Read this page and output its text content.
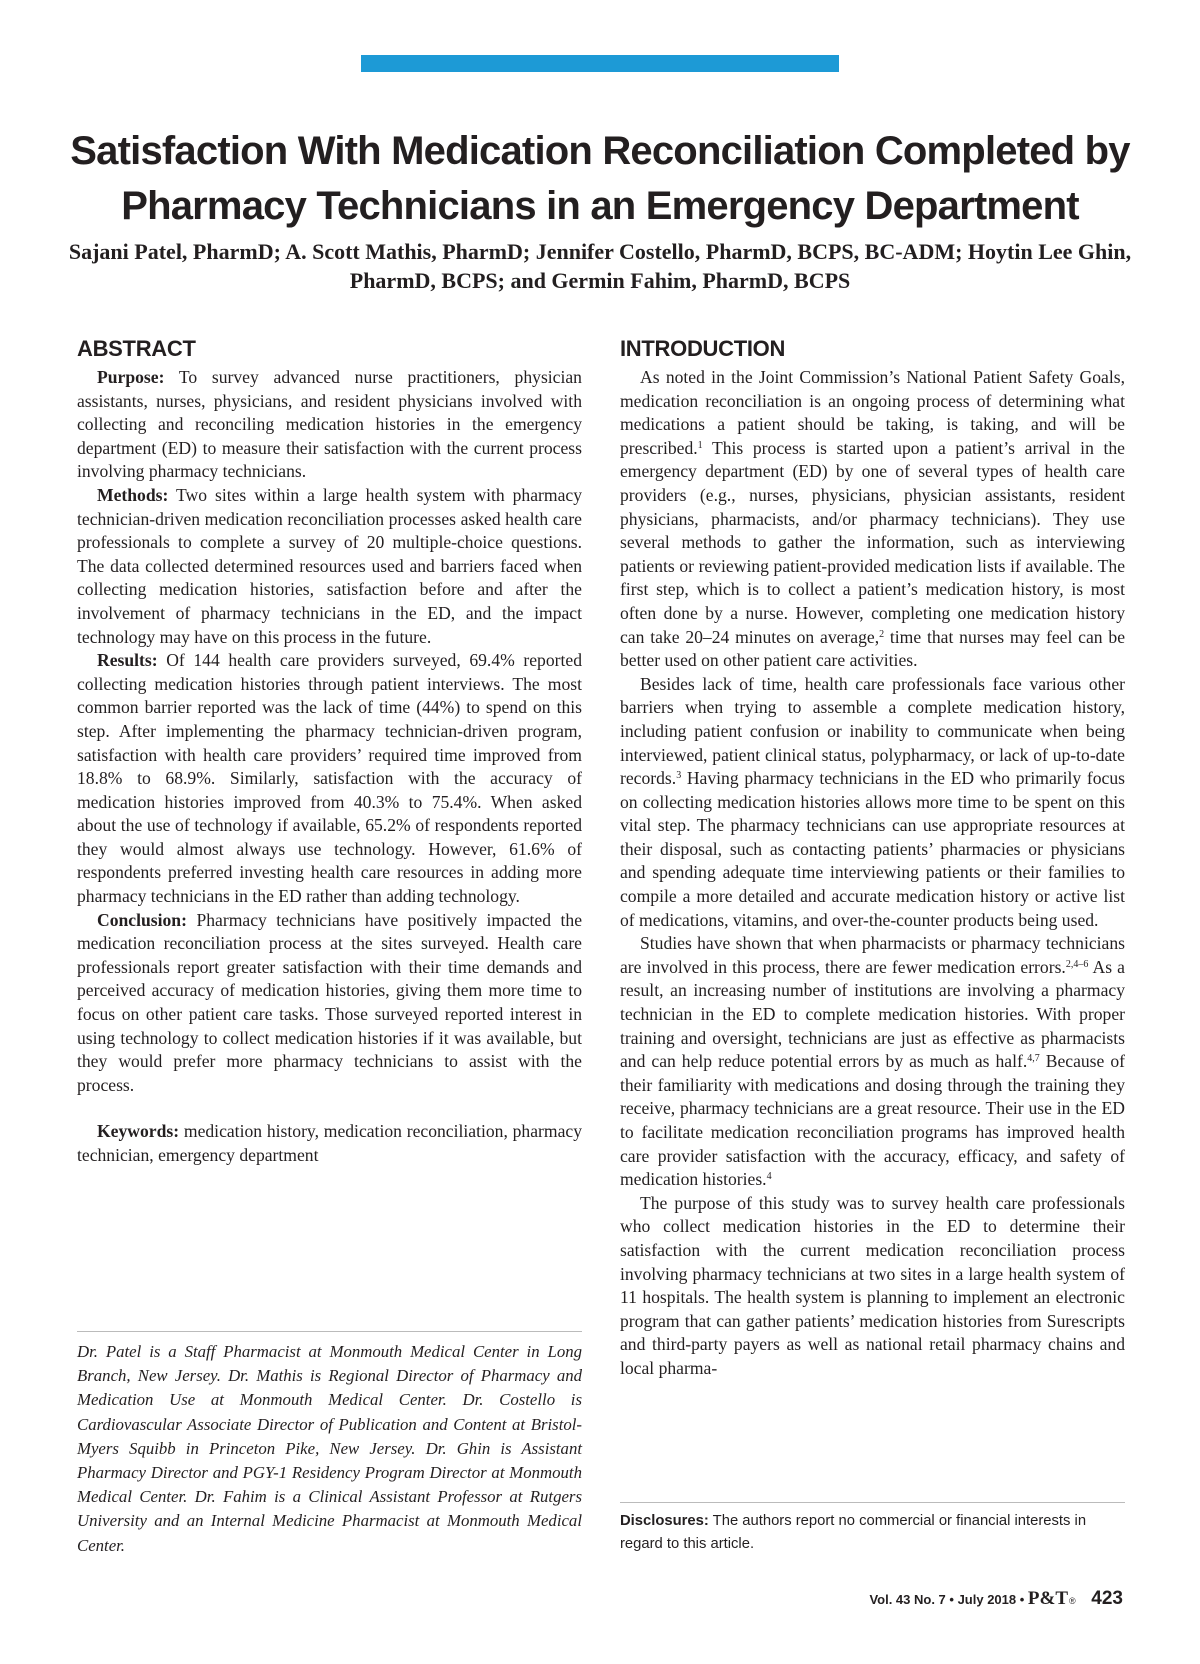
Satisfaction With Medication Reconciliation Completed by Pharmacy Technicians in an Emergency Department

Sajani Patel, PharmD; A. Scott Mathis, PharmD; Jennifer Costello, PharmD, BCPS, BC-ADM; Hoytin Lee Ghin, PharmD, BCPS; and Germin Fahim, PharmD, BCPS

ABSTRACT

Purpose: To survey advanced nurse practitioners, physician assistants, nurses, physicians, and resident physicians involved with collecting and reconciling medication histories in the emergency department (ED) to measure their satisfaction with the current process involving pharmacy technicians.

Methods: Two sites within a large health system with pharmacy technician-driven medication reconciliation processes asked health care professionals to complete a survey of 20 multiple-choice questions. The data collected determined resources used and barriers faced when collecting medication histories, satisfaction before and after the involvement of pharmacy technicians in the ED, and the impact technology may have on this process in the future.

Results: Of 144 health care providers surveyed, 69.4% reported collecting medication histories through patient interviews. The most common barrier reported was the lack of time (44%) to spend on this step. After implementing the pharmacy technician-driven program, satisfaction with health care providers’ required time improved from 18.8% to 68.9%. Similarly, satisfaction with the accuracy of medication histories improved from 40.3% to 75.4%. When asked about the use of technology if available, 65.2% of respondents reported they would almost always use technology. However, 61.6% of respondents preferred investing health care resources in adding more pharmacy technicians in the ED rather than adding technology.

Conclusion: Pharmacy technicians have positively impacted the medication reconciliation process at the sites surveyed. Health care professionals report greater satisfaction with their time demands and perceived accuracy of medication histories, giving them more time to focus on other patient care tasks. Those surveyed reported interest in using technology to collect medication histories if it was available, but they would prefer more pharmacy technicians to assist with the process.

Keywords: medication history, medication reconciliation, pharmacy technician, emergency department

Dr. Patel is a Staff Pharmacist at Monmouth Medical Center in Long Branch, New Jersey. Dr. Mathis is Regional Director of Pharmacy and Medication Use at Monmouth Medical Center. Dr. Costello is Cardiovascular Associate Director of Publication and Content at Bristol-Myers Squibb in Princeton Pike, New Jersey. Dr. Ghin is Assistant Pharmacy Director and PGY-1 Residency Program Director at Monmouth Medical Center. Dr. Fahim is a Clinical Assistant Professor at Rutgers University and an Internal Medicine Pharmacist at Monmouth Medical Center.

INTRODUCTION

As noted in the Joint Commission’s National Patient Safety Goals, medication reconciliation is an ongoing process of determining what medications a patient should be taking, is taking, and will be prescribed.$^1$ This process is started upon a patient’s arrival in the emergency department (ED) by one of several types of health care providers (e.g., nurses, physicians, physician assistants, resident physicians, pharmacists, and/or pharmacy technicians). They use several methods to gather the information, such as interviewing patients or reviewing patient-provided medication lists if available. The first step, which is to collect a patient’s medication history, is most often done by a nurse. However, completing one medication history can take 20–24 minutes on average,$^2$ time that nurses may feel can be better used on other patient care activities.

Besides lack of time, health care professionals face various other barriers when trying to assemble a complete medication history, including patient confusion or inability to communicate when being interviewed, patient clinical status, polypharmacy, or lack of up-to-date records.$^3$ Having pharmacy technicians in the ED who primarily focus on collecting medication histories allows more time to be spent on this vital step. The pharmacy technicians can use appropriate resources at their disposal, such as contacting patients’ pharmacies or physicians and spending adequate time interviewing patients or their families to compile a more detailed and accurate medication history or active list of medications, vitamins, and over-the-counter products being used.

Studies have shown that when pharmacists or pharmacy technicians are involved in this process, there are fewer medication errors.$^{2,4-6}$ As a result, an increasing number of institutions are involving a pharmacy technician in the ED to complete medication histories. With proper training and oversight, technicians are just as effective as pharmacists and can help reduce potential errors by as much as half.$^{4,7}$ Because of their familiarity with medications and dosing through the training they receive, pharmacy technicians are a great resource. Their use in the ED to facilitate medication reconciliation programs has improved health care provider satisfaction with the accuracy, efficacy, and safety of medication histories.$^4$

The purpose of this study was to survey health care professionals who collect medication histories in the ED to determine their satisfaction with the current medication reconciliation process involving pharmacy technicians at two sites in a large health system of 11 hospitals. The health system is planning to implement an electronic program that can gather patients’ medication histories from Surescripts and third-party payers as well as national retail pharmacy chains and local pharma-

Disclosures: The authors report no commercial or financial interests in regard to this article.

Vol. 43 No. 7 • July 2018 • P&T® 423
